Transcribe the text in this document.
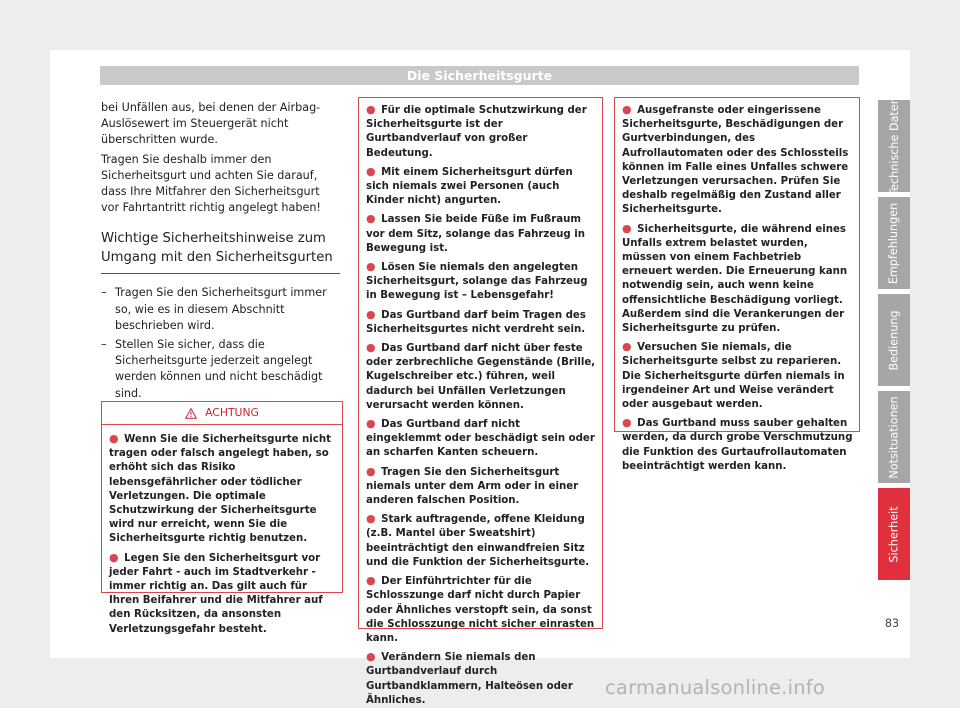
Die Sicherheitsgurte

bei Unfällen aus, bei denen der Airbag-Auslösewert im Steuergerät nicht überschritten wurde.

Tragen Sie deshalb immer den Sicherheitsgurt und achten Sie darauf, dass Ihre Mitfahrer den Sicherheitsgurt vor Fahrtantritt richtig angelegt haben!

Wichtige Sicherheitshinweise zum Umgang mit den Sicherheitsgurten
– Tragen Sie den Sicherheitsgurt immer so, wie es in diesem Abschnitt beschrieben wird.
– Stellen Sie sicher, dass die Sicherheitsgurte jederzeit angelegt werden können und nicht beschädigt sind.
ACHTUNG
● Wenn Sie die Sicherheitsgurte nicht tragen oder falsch angelegt haben, so erhöht sich das Risiko lebensgefährlicher oder tödlicher Verletzungen. Die optimale Schutzwirkung der Sicherheitsgurte wird nur erreicht, wenn Sie die Sicherheitsgurte richtig benutzen.
● Legen Sie den Sicherheitsgurt vor jeder Fahrt - auch im Stadtverkehr - immer richtig an. Das gilt auch für Ihren Beifahrer und die Mitfahrer auf den Rücksitzen, da ansonsten Verletzungsgefahr besteht.
● Für die optimale Schutzwirkung der Sicherheitsgurte ist der Gurtbandverlauf von großer Bedeutung.
● Mit einem Sicherheitsgurt dürfen sich niemals zwei Personen (auch Kinder nicht) angurten.
● Lassen Sie beide Füße im Fußraum vor dem Sitz, solange das Fahrzeug in Bewegung ist.
● Lösen Sie niemals den angelegten Sicherheitsgurt, solange das Fahrzeug in Bewegung ist – Lebensgefahr!
● Das Gurtband darf beim Tragen des Sicherheitsgurtes nicht verdreht sein.
● Das Gurtband darf nicht über feste oder zerbrechliche Gegenstände (Brille, Kugelschreiber etc.) führen, weil dadurch bei Unfällen Verletzungen verursacht werden können.
● Das Gurtband darf nicht eingeklemmt oder beschädigt sein oder an scharfen Kanten scheuern.
● Tragen Sie den Sicherheitsgurt niemals unter dem Arm oder in einer anderen falschen Position.
● Stark auftragende, offene Kleidung (z.B. Mantel über Sweatshirt) beeinträchtigt den einwandfreien Sitz und die Funktion der Sicherheitsgurte.
● Der Einführtrichter für die Schlosszunge darf nicht durch Papier oder Ähnliches verstopft sein, da sonst die Schlosszunge nicht sicher einrasten kann.
● Verändern Sie niemals den Gurtbandverlauf durch Gurtbandklammern, Halteösen oder Ähnliches.
● Ausgefranste oder eingerissene Sicherheitsgurte, Beschädigungen der Gurtverbindungen, des Aufrollautomaten oder des Schlossteils können im Falle eines Unfalles schwere Verletzungen verursachen. Prüfen Sie deshalb regelmäßig den Zustand aller Sicherheitsgurte.
● Sicherheitsgurte, die während eines Unfalls extrem belastet wurden, müssen von einem Fachbetrieb erneuert werden. Die Erneuerung kann notwendig sein, auch wenn keine offensichtliche Beschädigung vorliegt. Außerdem sind die Verankerungen der Sicherheitsgurte zu prüfen.
● Versuchen Sie niemals, die Sicherheitsgurte selbst zu reparieren. Die Sicherheitsgurte dürfen niemals in irgendeiner Art und Weise verändert oder ausgebaut werden.
● Das Gurtband muss sauber gehalten werden, da durch grobe Verschmutzung die Funktion des Gurtaufrollautomaten beeinträchtigt werden kann.
Technische Daten
Empfehlungen
Bedienung
Notsituationen
Sicherheit
83
carmanualsonline.info
